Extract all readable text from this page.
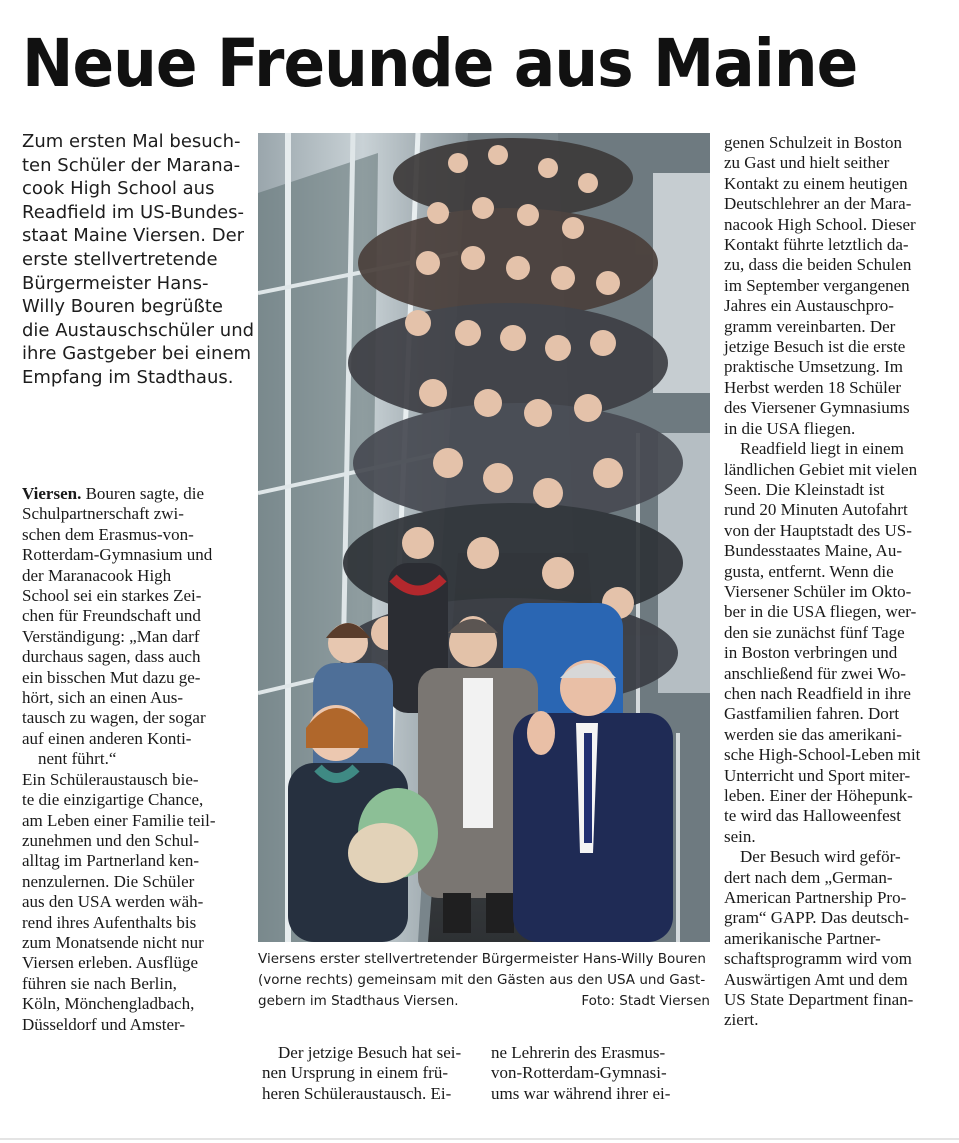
Neue Freunde aus Maine
Zum ersten Mal besuch-
ten Schüler der Marana-
cook High School aus
Readfield im US-Bundes-
staat Maine Viersen. Der
erste stellvertretende
Bürgermeister Hans-
Willy Bouren begrüßte
die Austauschschüler und
ihre Gastgeber bei einem
Empfang im Stadthaus.
Viersen. Bouren sagte, die
Schulpartnerschaft zwi-
schen dem Erasmus-von-
Rotterdam-Gymnasium und
der Maranacook High
School sei ein starkes Zei-
chen für Freundschaft und
Verständigung: „Man darf
durchaus sagen, dass auch
ein bisschen Mut dazu ge-
hört, sich an einen Aus-
tausch zu wagen, der sogar
auf einen anderen Konti-
nent führt.“
Ein Schüleraustausch bie-
te die einzigartige Chance,
am Leben einer Familie teil-
zunehmen und den Schul-
alltag im Partnerland ken-
nenzulernen. Die Schüler
aus den USA werden wäh-
rend ihres Aufenthalts bis
zum Monatsende nicht nur
Viersen erleben. Ausflüge
führen sie nach Berlin,
Köln, Mönchengladbach,
Düsseldorf und Amster-
Viersens erster stellvertretender Bürgermeister Hans-Willy Bouren
(vorne rechts) gemeinsam mit den Gästen aus den USA und Gast-
gebern im Stadthaus Viersen.	Foto: Stadt Viersen
Der jetzige Besuch hat sei-
nen Ursprung in einem frü-
heren Schüleraustausch. Ei-
ne Lehrerin des Erasmus-
von-Rotterdam-Gymnasi-
ums war während ihrer ei-
genen Schulzeit in Boston
zu Gast und hielt seither
Kontakt zu einem heutigen
Deutschlehrer an der Mara-
nacook High School. Dieser
Kontakt führte letztlich da-
zu, dass die beiden Schulen
im September vergangenen
Jahres ein Austauschpro-
gramm vereinbarten. Der
jetzige Besuch ist die erste
praktische Umsetzung. Im
Herbst werden 18 Schüler
des Viersener Gymnasiums
in die USA fliegen.
Readfield liegt in einem
ländlichen Gebiet mit vielen
Seen. Die Kleinstadt ist
rund 20 Minuten Autofahrt
von der Hauptstadt des US-
Bundesstaates Maine, Au-
gusta, entfernt. Wenn die
Viersener Schüler im Okto-
ber in die USA fliegen, wer-
den sie zunächst fünf Tage
in Boston verbringen und
anschließend für zwei Wo-
chen nach Readfield in ihre
Gastfamilien fahren. Dort
werden sie das amerikani-
sche High-School-Leben mit
Unterricht und Sport miter-
leben. Einer der Höhepunk-
te wird das Halloweenfest
sein.
Der Besuch wird geför-
dert nach dem „German-
American Partnership Pro-
gram“ GAPP. Das deutsch-
amerikanische Partner-
schaftsprogramm wird vom
Auswärtigen Amt und dem
US State Department finan-
ziert.
